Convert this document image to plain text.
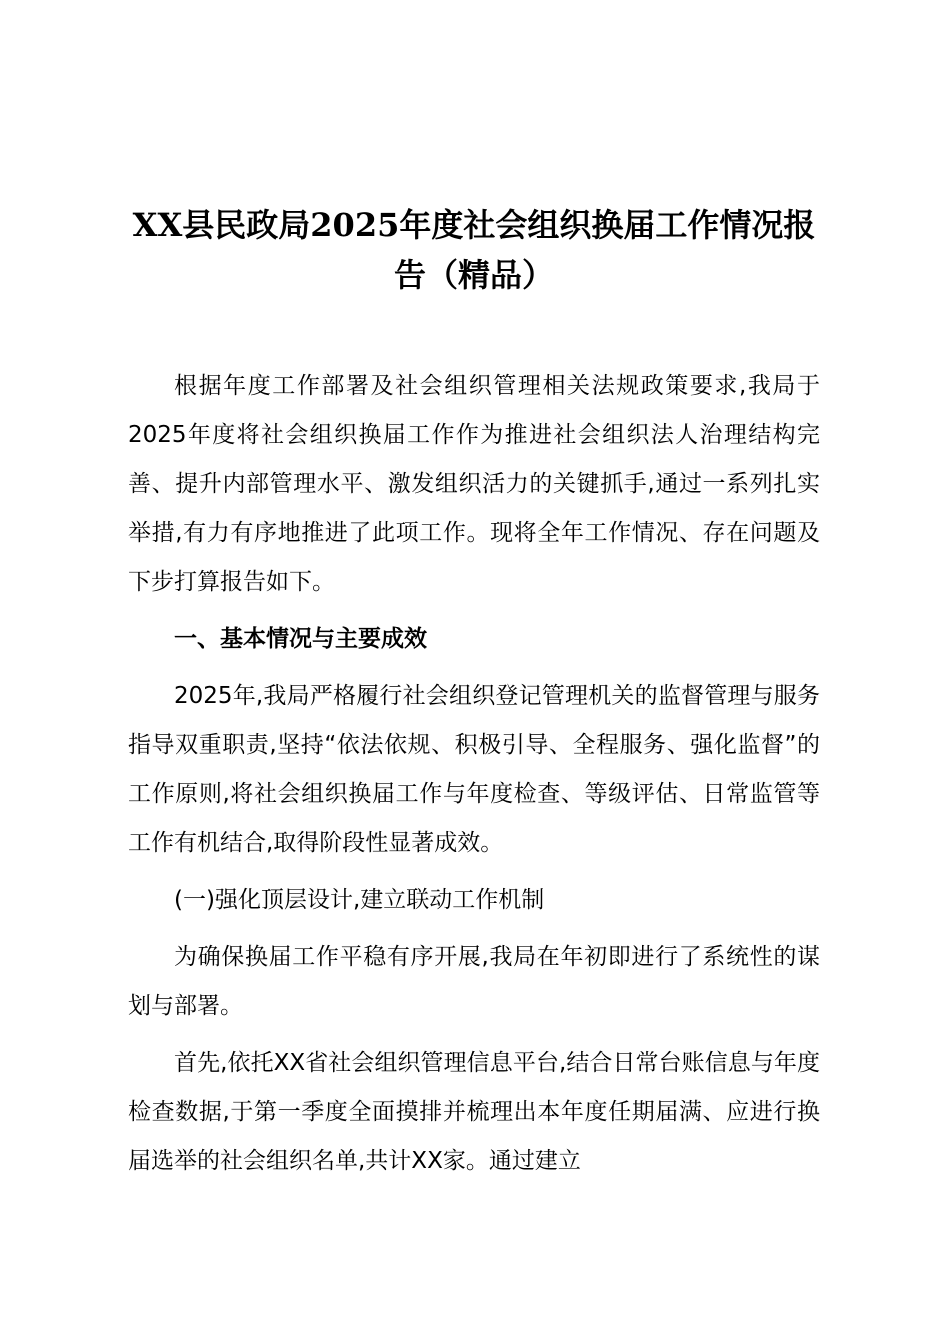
XX县民政局2025年度社会组织换届工作情况报告（精品）

根据年度工作部署及社会组织管理相关法规政策要求,我局于2025年度将社会组织换届工作作为推进社会组织法人治理结构完善、提升内部管理水平、激发组织活力的关键抓手,通过一系列扎实举措,有力有序地推进了此项工作。现将全年工作情况、存在问题及下步打算报告如下。

一、基本情况与主要成效

2025年,我局严格履行社会组织登记管理机关的监督管理与服务指导双重职责,坚持“依法依规、积极引导、全程服务、强化监督”的工作原则,将社会组织换届工作与年度检查、等级评估、日常监管等工作有机结合,取得阶段性显著成效。

(一)强化顶层设计,建立联动工作机制

为确保换届工作平稳有序开展,我局在年初即进行了系统性的谋划与部署。

首先,依托XX省社会组织管理信息平台,结合日常台账信息与年度检查数据,于第一季度全面摸排并梳理出本年度任期届满、应进行换届选举的社会组织名单,共计XX家。通过建立
